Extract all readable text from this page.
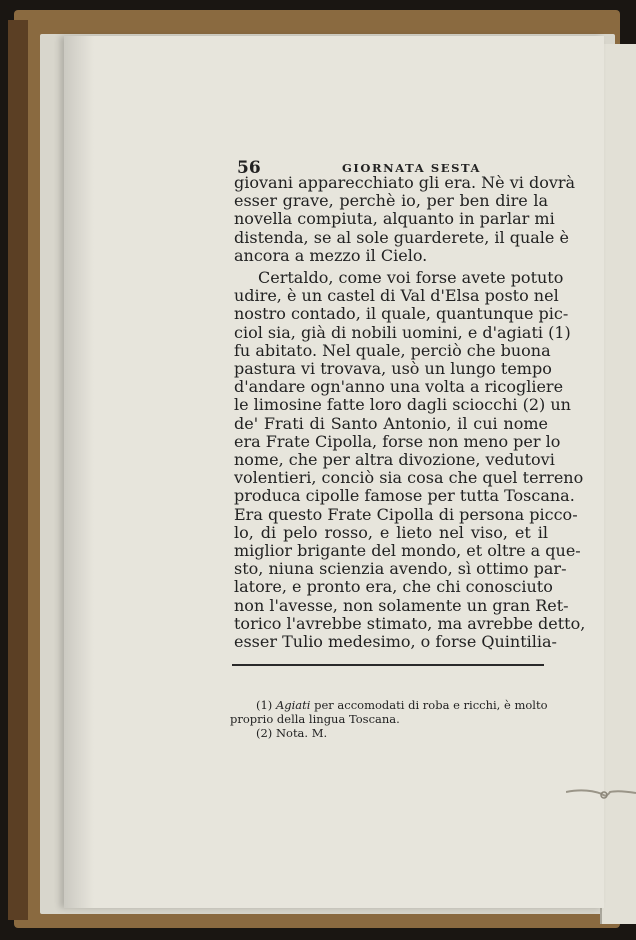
56	GIORNATA SESTA
giovani apparecchiato gli era. Nè vi dovrà
esser grave, perchè io, per ben dire la
novella compiuta, alquanto in parlar mi
distenda, se al sole guarderete, il quale è
ancora a mezzo il Cielo.
Certaldo, come voi forse avete potuto
udire, è un castel di Val d'Elsa posto nel
nostro contado, il quale, quantunque pic-
ciol sia, già di nobili uomini, e d'agiati (1)
fu abitato. Nel quale, perciò che buona
pastura vi trovava, usò un lungo tempo
d'andare ogn'anno una volta a ricogliere
le limosine fatte loro dagli sciocchi (2) un
de' Frati di Santo Antonio, il cui nome
era Frate Cipolla, forse non meno per lo
nome, che per altra divozione, vedutovi
volentieri, conciò sia cosa che quel terreno
produca cipolle famose per tutta Toscana.
Era questo Frate Cipolla di persona picco-
lo, di pelo rosso, e lieto nel viso, et il
miglior brigante del mondo, et oltre a que-
sto, niuna scienzia avendo, sì ottimo par-
latore, e pronto era, che chi conosciuto
non l'avesse, non solamente un gran Ret-
torico l'avrebbe stimato, ma avrebbe detto,
esser Tulio medesimo, o forse Quintilia-
(1) Agiati per accomodati di roba e ricchi, è molto
proprio della lingua Toscana.
(2) Nota. M.
